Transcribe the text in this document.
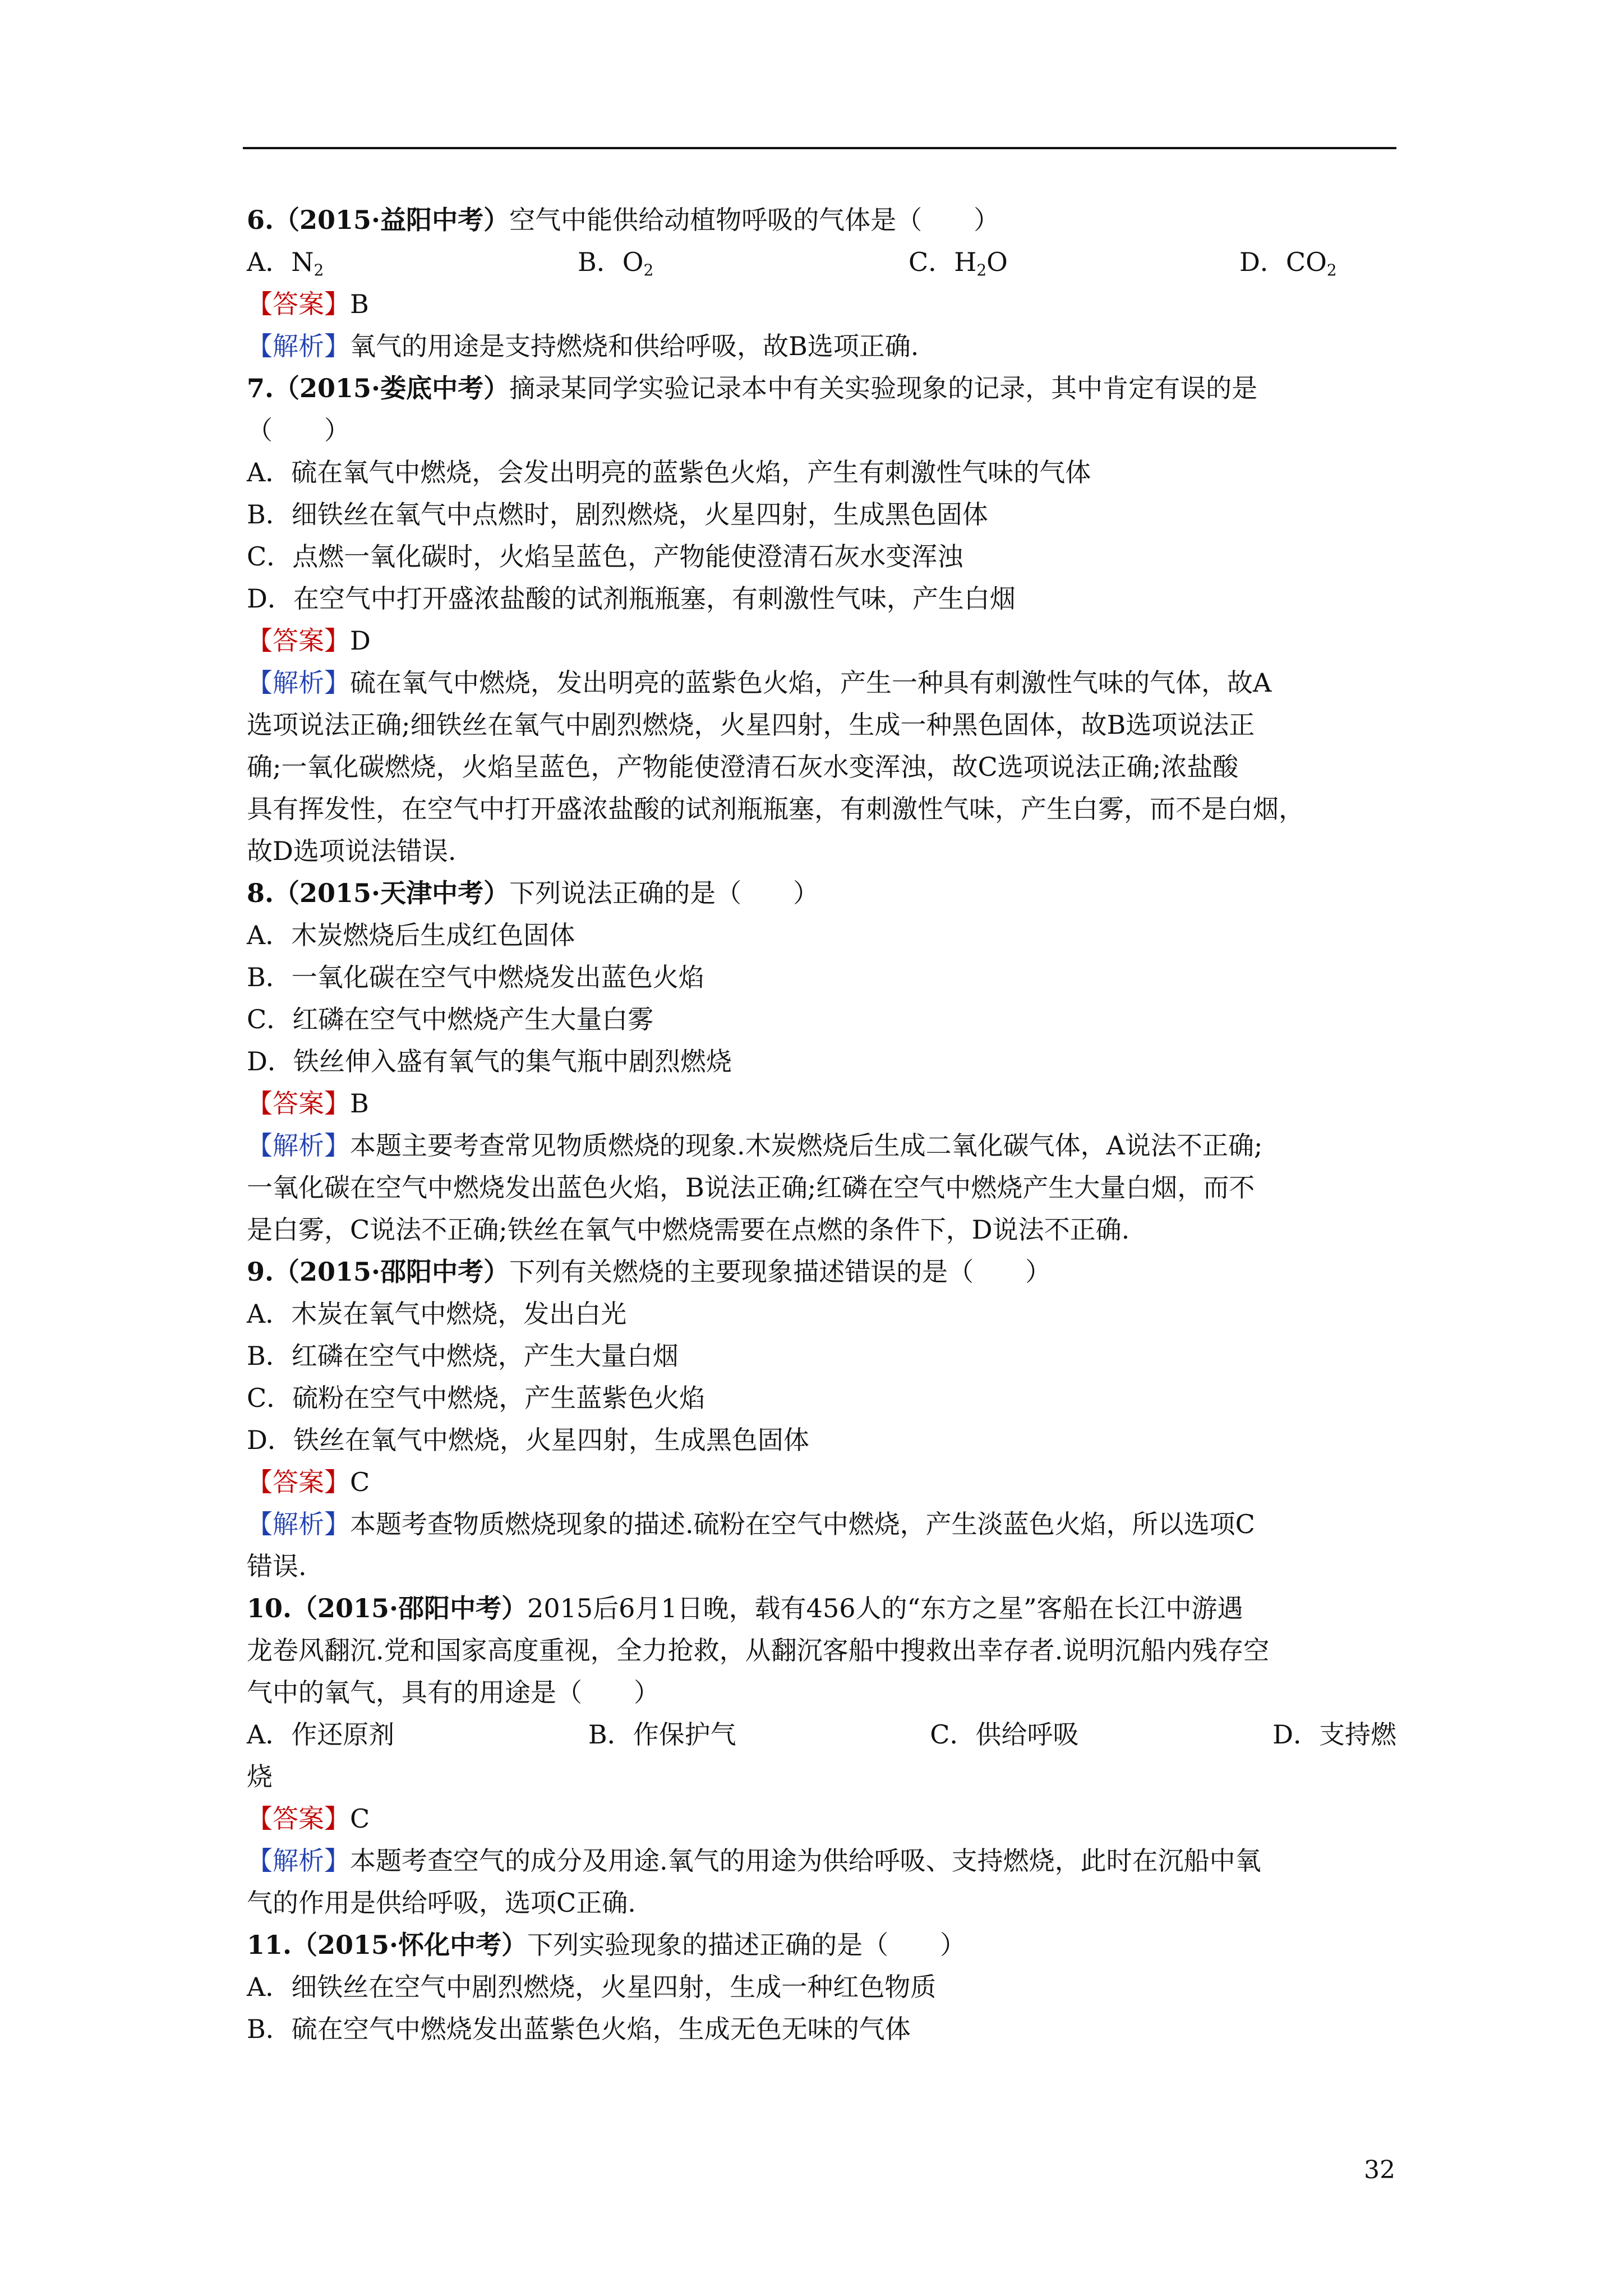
6.（2015·益阳中考）空气中能供给动植物呼吸的气体是（　　）
A．$N_2$	B．$O_2$	C．$H_2O$	D．$CO_2$
【答案】B
【解析】氧气的用途是支持燃烧和供给呼吸，故B选项正确.
7.（2015·娄底中考）摘录某同学实验记录本中有关实验现象的记录，其中肯定有误的是
（　　）
A．硫在氧气中燃烧，会发出明亮的蓝紫色火焰，产生有刺激性气味的气体
B．细铁丝在氧气中点燃时，剧烈燃烧，火星四射，生成黑色固体
C．点燃一氧化碳时，火焰呈蓝色，产物能使澄清石灰水变浑浊
D．在空气中打开盛浓盐酸的试剂瓶瓶塞，有刺激性气味，产生白烟
【答案】D
【解析】硫在氧气中燃烧，发出明亮的蓝紫色火焰，产生一种具有刺激性气味的气体，故A
选项说法正确;细铁丝在氧气中剧烈燃烧，火星四射，生成一种黑色固体，故B选项说法正
确;一氧化碳燃烧，火焰呈蓝色，产物能使澄清石灰水变浑浊，故C选项说法正确;浓盐酸
具有挥发性，在空气中打开盛浓盐酸的试剂瓶瓶塞，有刺激性气味，产生白雾，而不是白烟，
故D选项说法错误.
8.（2015·天津中考）下列说法正确的是（　　）
A．木炭燃烧后生成红色固体
B．一氧化碳在空气中燃烧发出蓝色火焰
C．红磷在空气中燃烧产生大量白雾
D．铁丝伸入盛有氧气的集气瓶中剧烈燃烧
【答案】B
【解析】本题主要考查常见物质燃烧的现象.木炭燃烧后生成二氧化碳气体，A说法不正确;
一氧化碳在空气中燃烧发出蓝色火焰，B说法正确;红磷在空气中燃烧产生大量白烟，而不
是白雾，C说法不正确;铁丝在氧气中燃烧需要在点燃的条件下，D说法不正确.
9.（2015·邵阳中考）下列有关燃烧的主要现象描述错误的是（　　）
A．木炭在氧气中燃烧，发出白光
B．红磷在空气中燃烧，产生大量白烟
C．硫粉在空气中燃烧，产生蓝紫色火焰
D．铁丝在氧气中燃烧，火星四射，生成黑色固体
【答案】C
【解析】本题考查物质燃烧现象的描述.硫粉在空气中燃烧，产生淡蓝色火焰，所以选项C
错误.
10.（2015·邵阳中考）2015后6月1日晚，载有456人的“东方之星”客船在长江中游遇
龙卷风翻沉.党和国家高度重视，全力抢救，从翻沉客船中搜救出幸存者.说明沉船内残存空
气中的氧气，具有的用途是（　　）
A．作还原剂	B．作保护气	C．供给呼吸	D．支持燃
烧
【答案】C
【解析】本题考查空气的成分及用途.氧气的用途为供给呼吸、支持燃烧，此时在沉船中氧
气的作用是供给呼吸，选项C正确.
11.（2015·怀化中考）下列实验现象的描述正确的是（　　）
A．细铁丝在空气中剧烈燃烧，火星四射，生成一种红色物质
B．硫在空气中燃烧发出蓝紫色火焰，生成无色无味的气体
32
